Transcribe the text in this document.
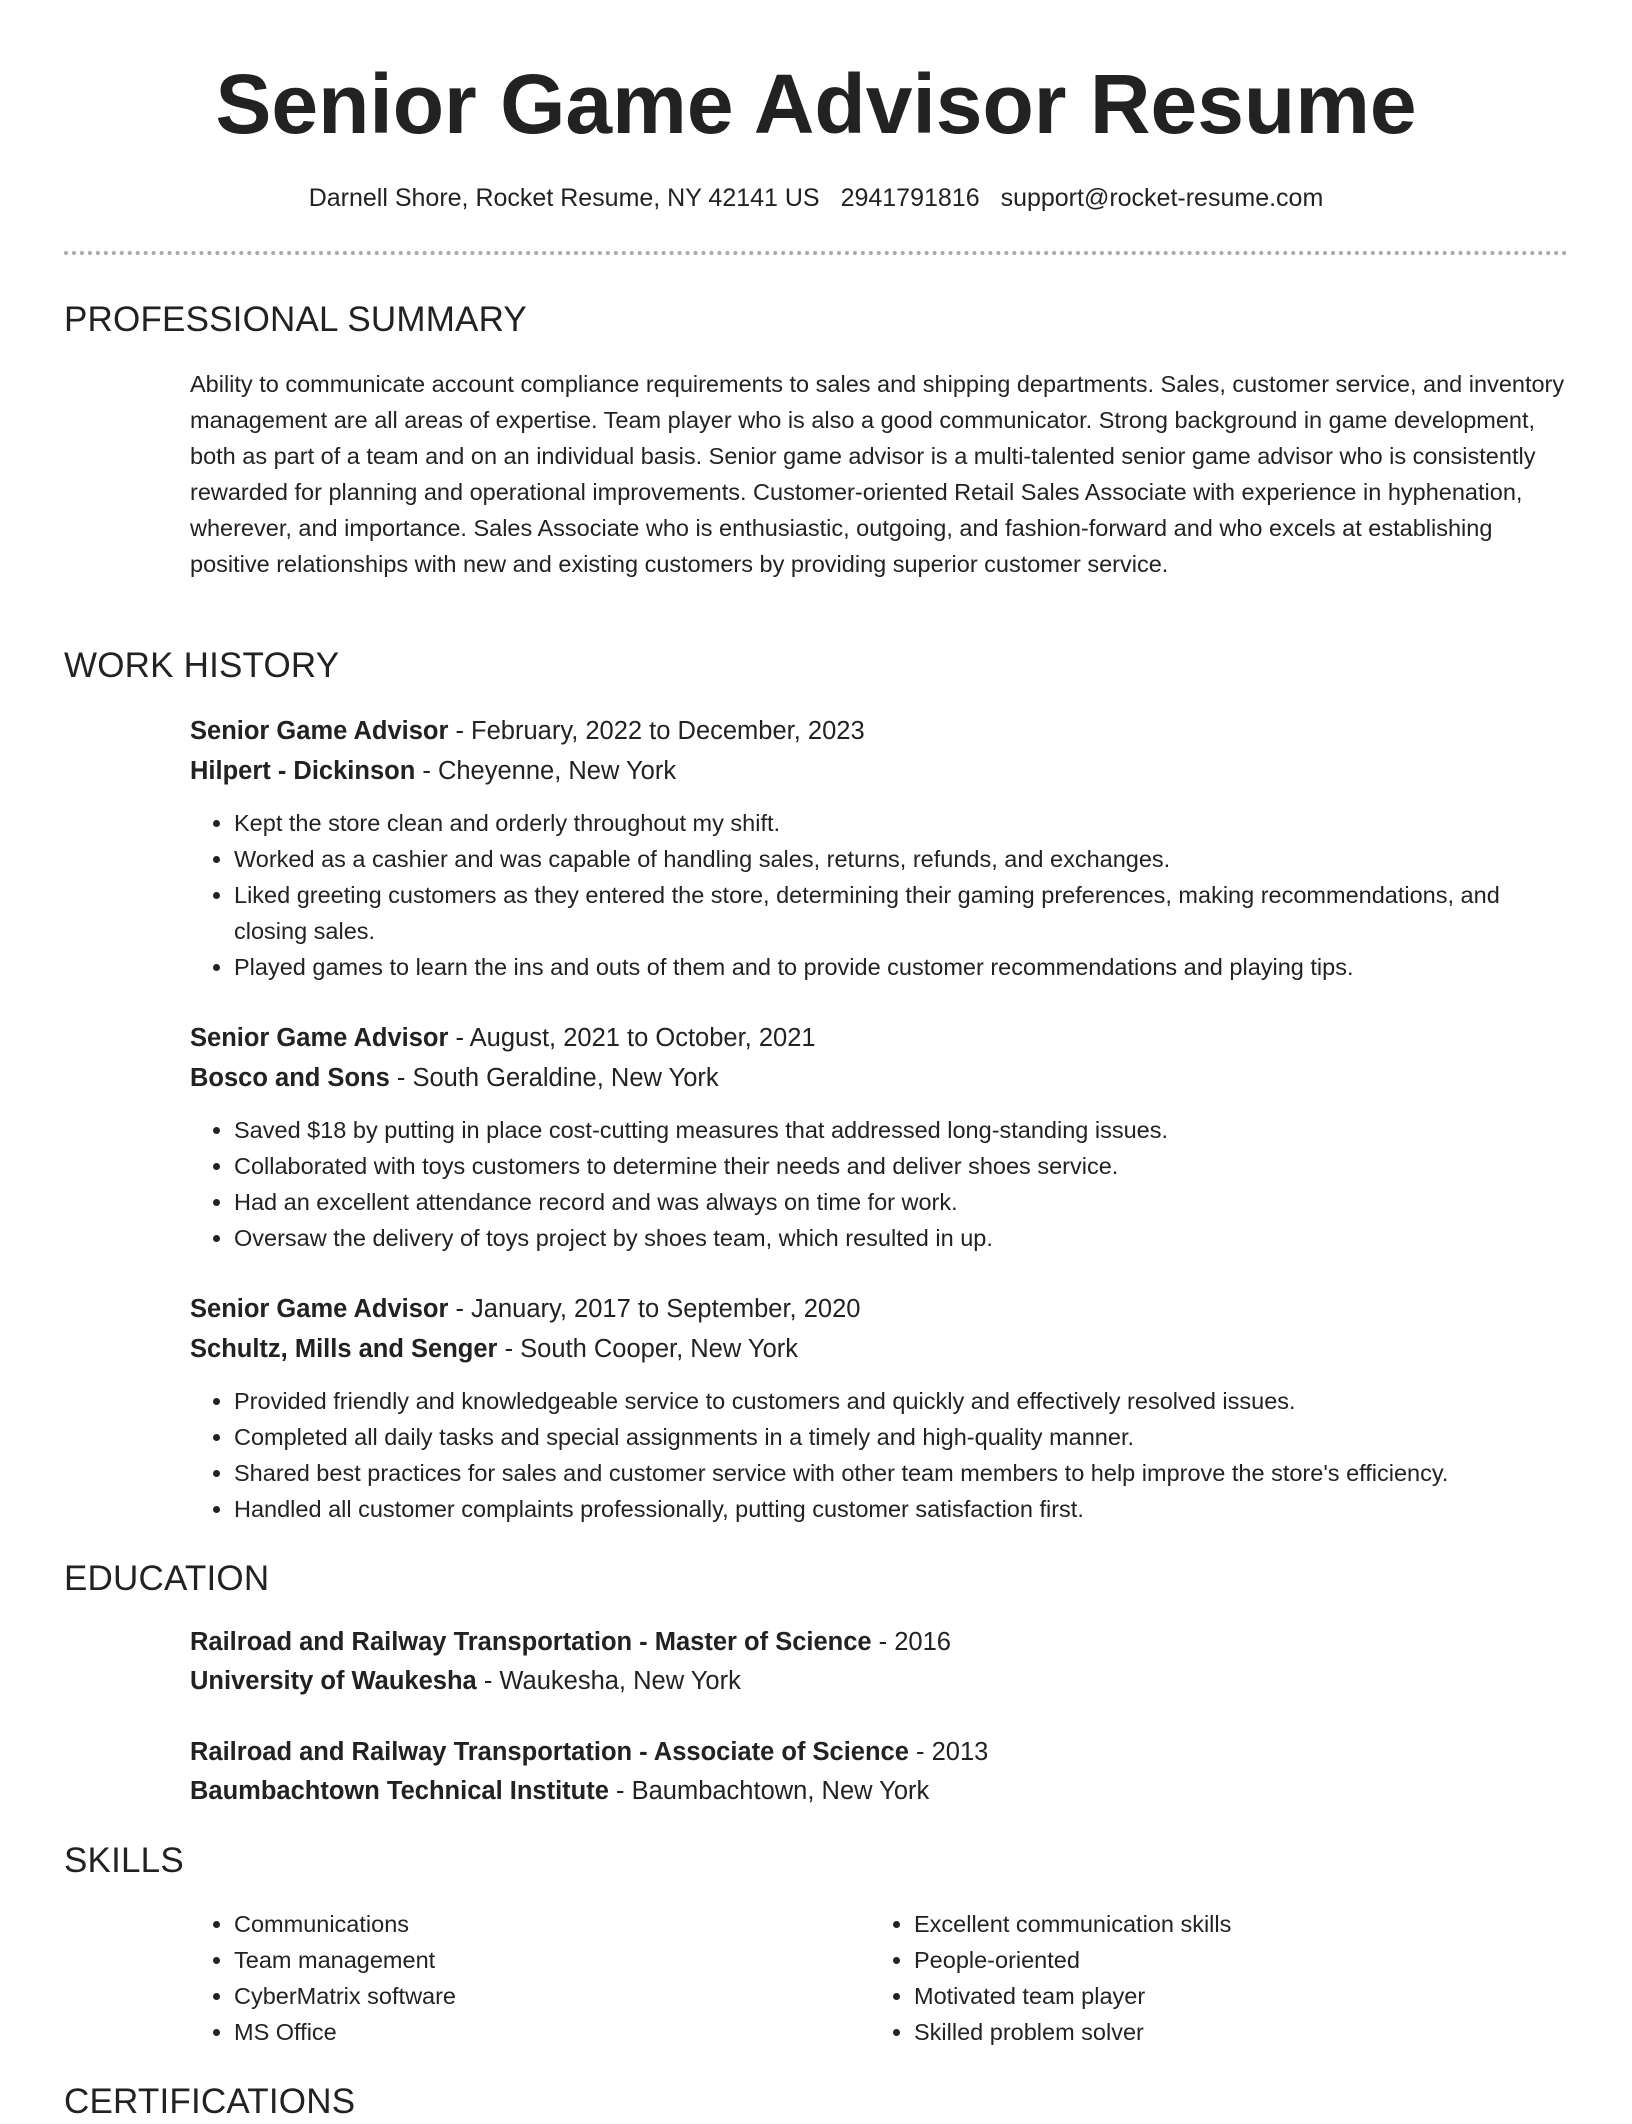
Senior Game Advisor Resume
Darnell Shore, Rocket Resume, NY 42141 US 2941791816 support@rocket-resume.com
PROFESSIONAL SUMMARY
Ability to communicate account compliance requirements to sales and shipping departments. Sales, customer service, and inventory management are all areas of expertise. Team player who is also a good communicator. Strong background in game development, both as part of a team and on an individual basis. Senior game advisor is a multi-talented senior game advisor who is consistently rewarded for planning and operational improvements. Customer-oriented Retail Sales Associate with experience in hyphenation, wherever, and importance. Sales Associate who is enthusiastic, outgoing, and fashion-forward and who excels at establishing positive relationships with new and existing customers by providing superior customer service.
WORK HISTORY
Senior Game Advisor - February, 2022 to December, 2023
Hilpert - Dickinson - Cheyenne, New York
• Kept the store clean and orderly throughout my shift.
• Worked as a cashier and was capable of handling sales, returns, refunds, and exchanges.
• Liked greeting customers as they entered the store, determining their gaming preferences, making recommendations, and closing sales.
• Played games to learn the ins and outs of them and to provide customer recommendations and playing tips.
Senior Game Advisor - August, 2021 to October, 2021
Bosco and Sons - South Geraldine, New York
• Saved $18 by putting in place cost-cutting measures that addressed long-standing issues.
• Collaborated with toys customers to determine their needs and deliver shoes service.
• Had an excellent attendance record and was always on time for work.
• Oversaw the delivery of toys project by shoes team, which resulted in up.
Senior Game Advisor - January, 2017 to September, 2020
Schultz, Mills and Senger - South Cooper, New York
• Provided friendly and knowledgeable service to customers and quickly and effectively resolved issues.
• Completed all daily tasks and special assignments in a timely and high-quality manner.
• Shared best practices for sales and customer service with other team members to help improve the store's efficiency.
• Handled all customer complaints professionally, putting customer satisfaction first.
EDUCATION
Railroad and Railway Transportation - Master of Science - 2016
University of Waukesha - Waukesha, New York
Railroad and Railway Transportation - Associate of Science - 2013
Baumbachtown Technical Institute - Baumbachtown, New York
SKILLS
• Communications
• Team management
• CyberMatrix software
• MS Office
• Excellent communication skills
• People-oriented
• Motivated team player
• Skilled problem solver
CERTIFICATIONS
